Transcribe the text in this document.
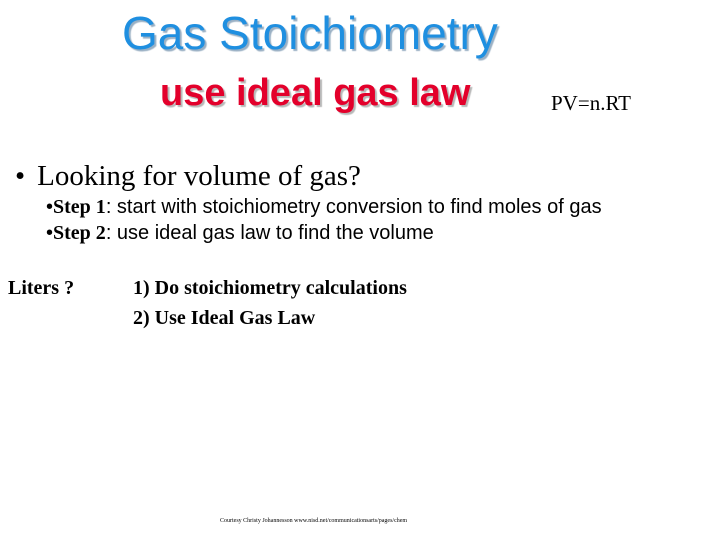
Gas Stoichiometry
use ideal gas law	PV=n.RT
• Looking for volume of gas?
•Step 1: start with stoichiometry conversion to find moles of gas
•Step 2: use ideal gas law to find the volume
Liters ?	1) Do stoichiometry calculations
2) Use Ideal Gas Law
Courtesy Christy Johannesson www.nisd.net/communicationsarts/pages/chem
